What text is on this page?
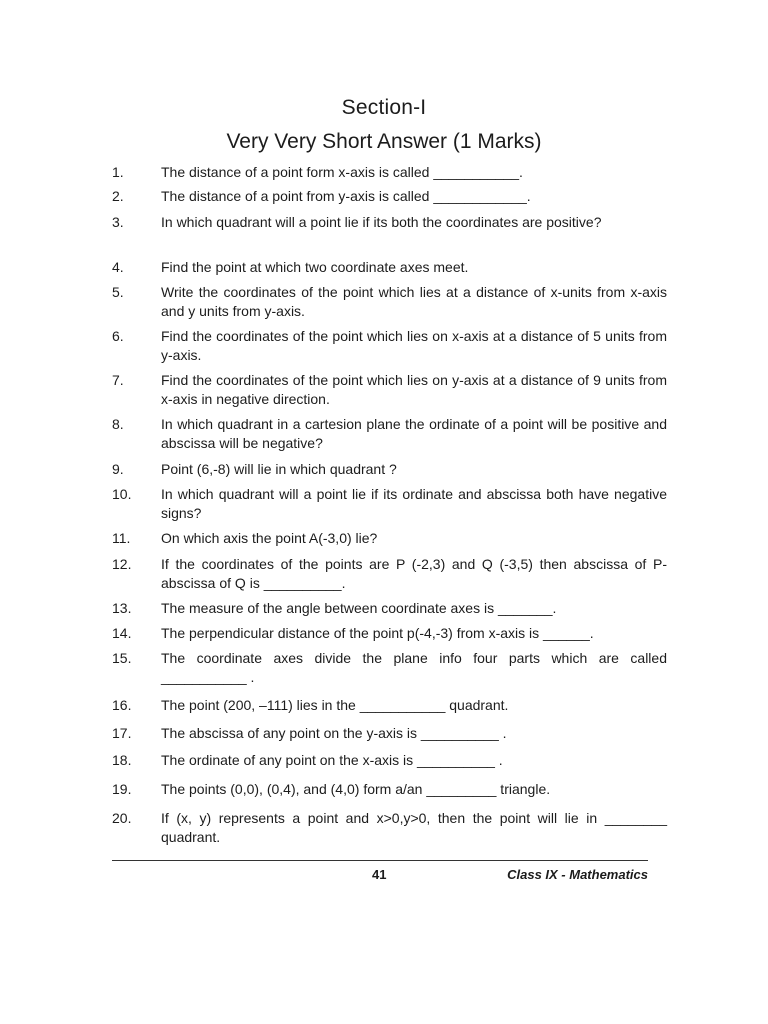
Section-I
Very Very Short Answer (1 Marks)
1.	The distance of a point form x-axis is called ___________.
2.	The distance of a point from y-axis is called ____________.
3.	In which quadrant will a point lie if its both the coordinates are positive?
4.	Find the point at which two coordinate axes meet.
5.	Write the coordinates of the point which lies at a distance of x-units from x-axis and y units from y-axis.
6.	Find the coordinates of the point which lies on x-axis at a distance of 5 units from y-axis.
7.	Find the coordinates of the point which lies on y-axis at a distance of 9 units from x-axis in negative direction.
8.	In which quadrant in a cartesion plane the ordinate of a point will be positive and abscissa will be negative?
9.	Point (6,-8) will lie in which quadrant ?
10.	In which quadrant will a point lie if its ordinate and abscissa both have negative signs?
11.	On which axis the point A(-3,0) lie?
12.	If the coordinates of the points are P (-2,3) and Q (-3,5) then abscissa of P- abscissa of Q is __________.
13.	The measure of the angle between coordinate axes is _______.
14.	The perpendicular distance of the point p(-4,-3) from x-axis is ______.
15.	The coordinate axes divide the plane info four parts which are called ___________ .
16.	The point (200, –111) lies in the ___________ quadrant.
17.	The abscissa of any point on the y-axis is __________ .
18.	The ordinate of any point on the x-axis is __________ .
19.	The points (0,0), (0,4), and (4,0) form a/an _________ triangle.
20.	If (x, y) represents a point and x>0,y>0, then the point will lie in ________ quadrant.
41	Class IX - Mathematics
